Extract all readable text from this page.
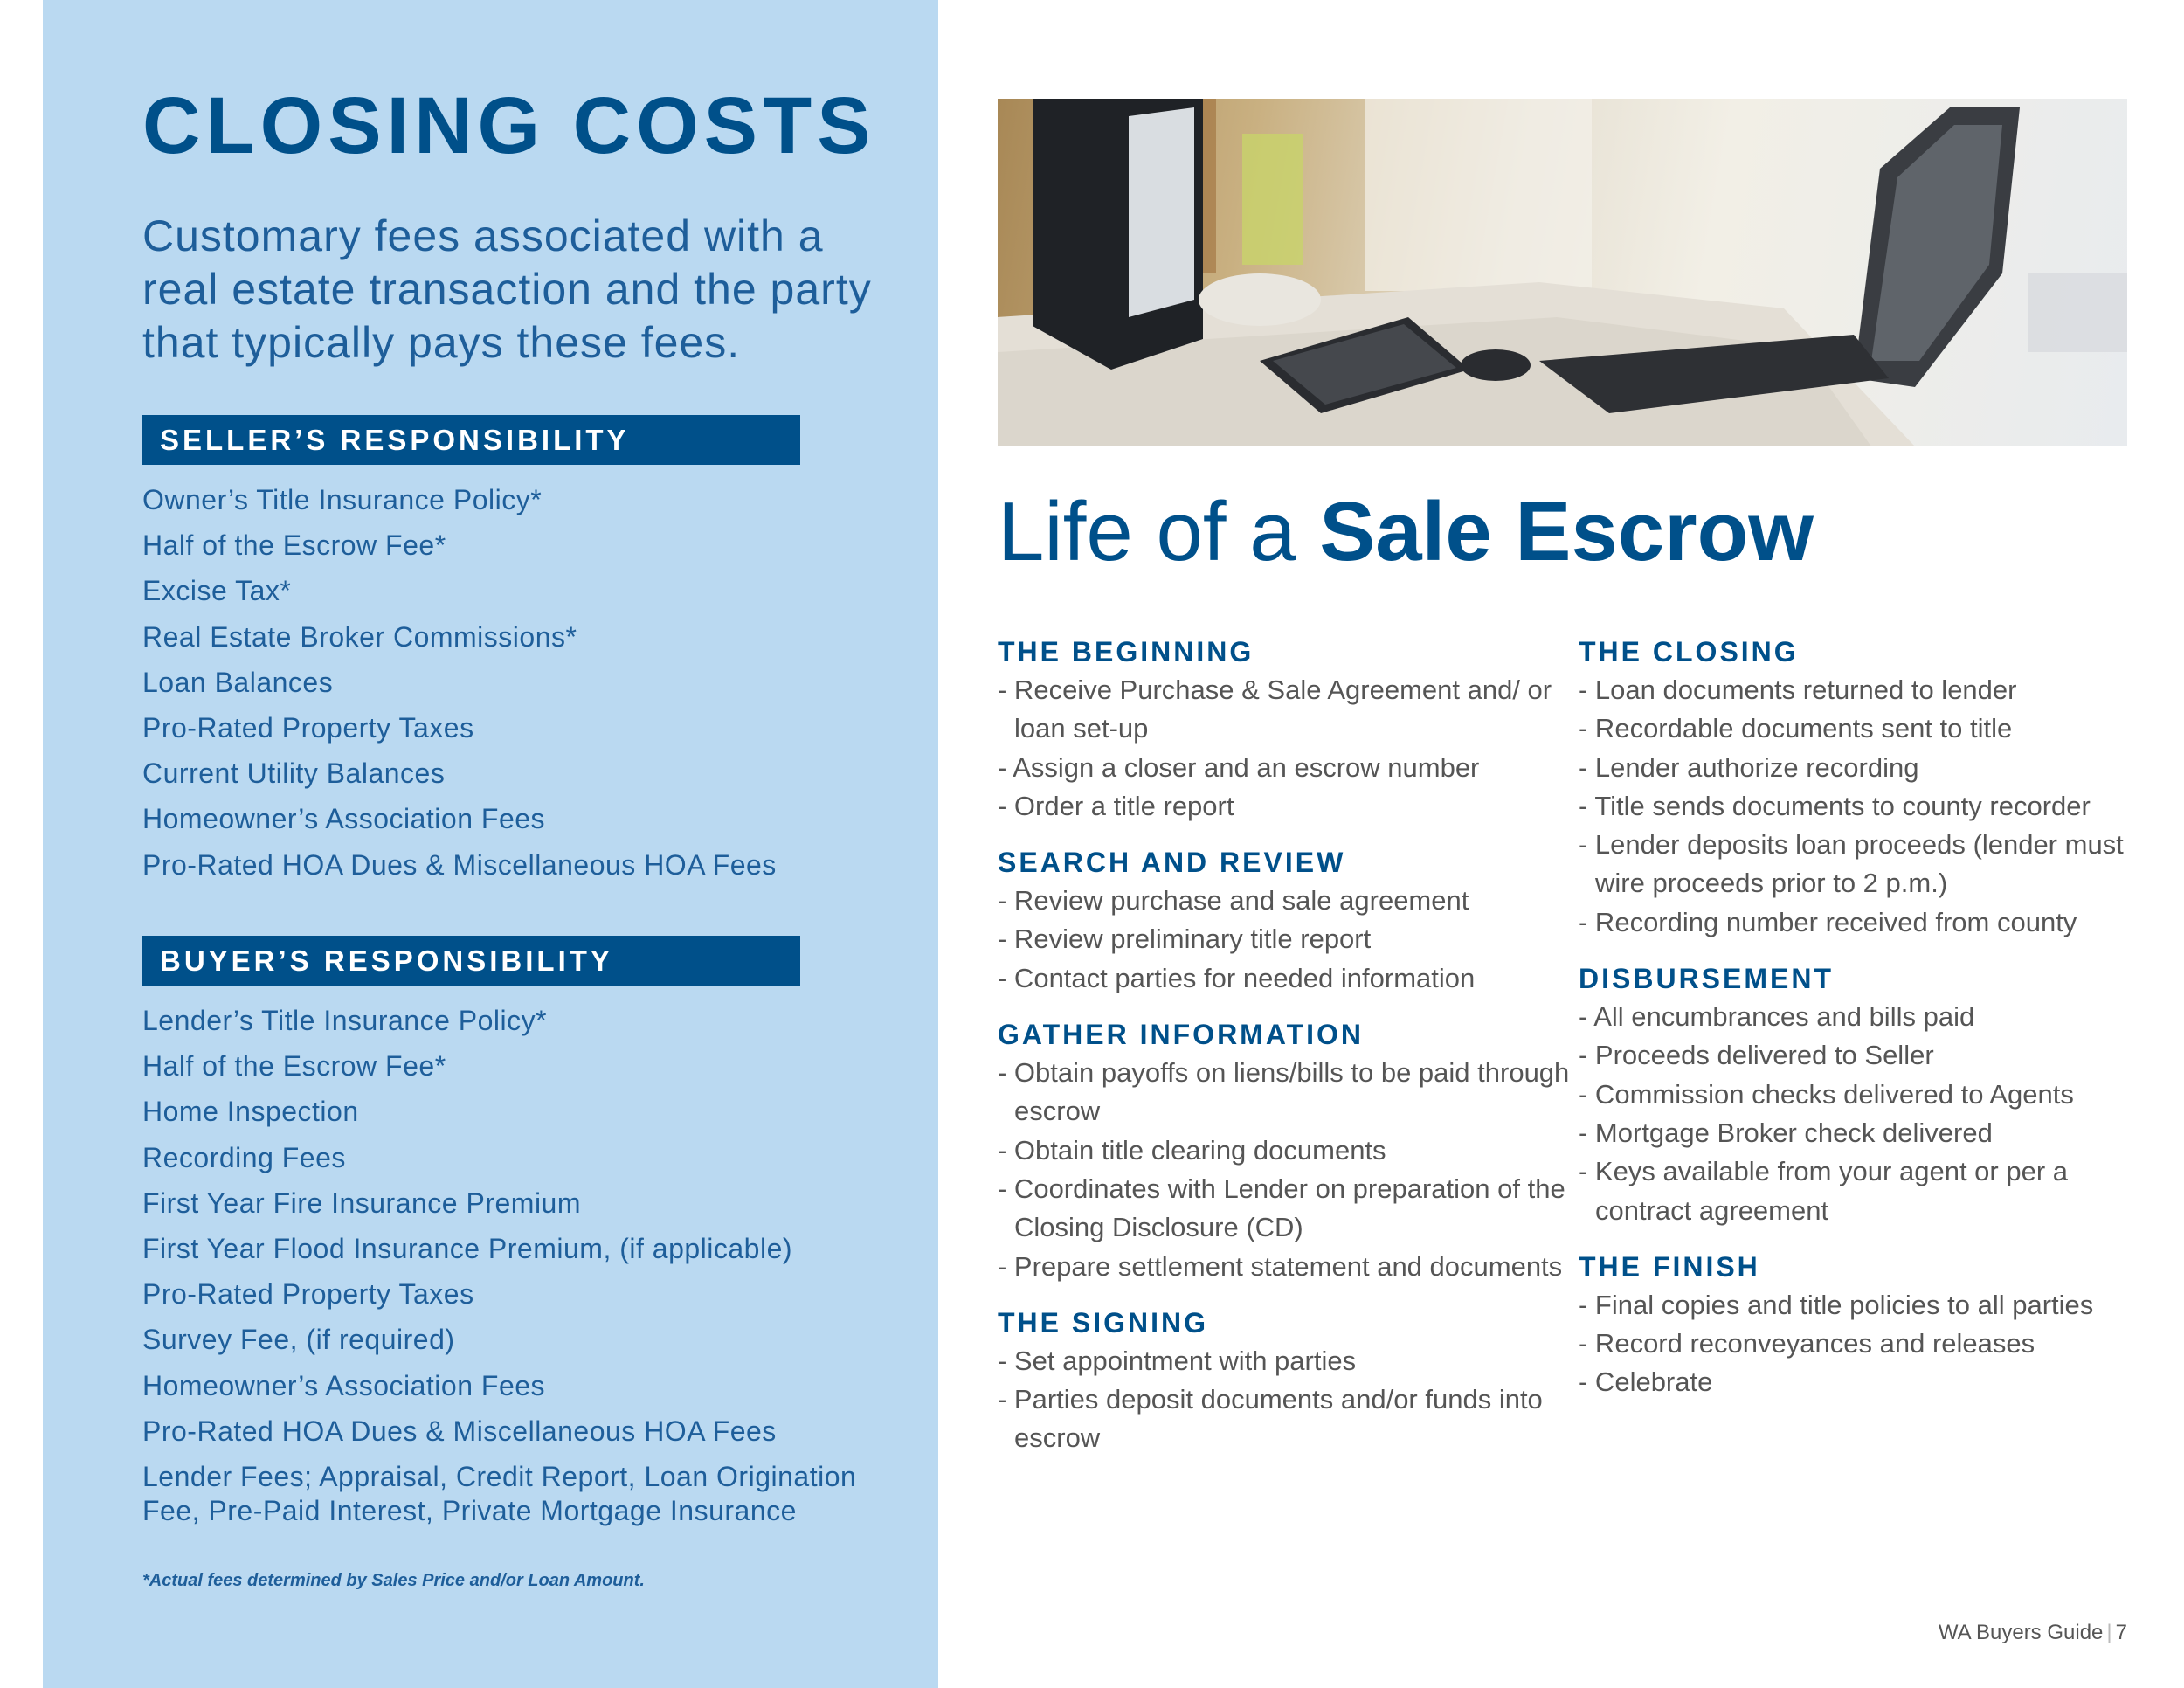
CLOSING COSTS

Customary fees associated with a real estate transaction and the party that typically pays these fees.

SELLER’S RESPONSIBILITY
Owner’s Title Insurance Policy*
Half of the Escrow Fee*
Excise Tax*
Real Estate Broker Commissions*
Loan Balances
Pro-Rated Property Taxes
Current Utility Balances
Homeowner’s Association Fees
Pro-Rated HOA Dues & Miscellaneous HOA Fees
BUYER’S RESPONSIBILITY
Lender’s Title Insurance Policy*
Half of the Escrow Fee*
Home Inspection
Recording Fees
First Year Fire Insurance Premium
First Year Flood Insurance Premium, (if applicable)
Pro-Rated Property Taxes
Survey Fee, (if required)
Homeowner’s Association Fees
Pro-Rated HOA Dues & Miscellaneous HOA Fees
Lender Fees; Appraisal, Credit Report, Loan Origination Fee, Pre-Paid Interest, Private Mortgage Insurance

*Actual fees determined by Sales Price and/or Loan Amount.

Life of a Sale Escrow
THE BEGINNING
- Receive Purchase & Sale Agreement and/ or loan set-up
- Assign a closer and an escrow number
- Order a title report
SEARCH AND REVIEW
- Review purchase and sale agreement
- Review preliminary title report
- Contact parties for needed information
GATHER INFORMATION
- Obtain payoffs on liens/bills to be paid through escrow
- Obtain title clearing documents
- Coordinates with Lender on preparation of the Closing Disclosure (CD)
- Prepare settlement statement and documents
THE SIGNING
- Set appointment with parties
- Parties deposit documents and/or funds into escrow
THE CLOSING
- Loan documents returned to lender
- Recordable documents sent to title
- Lender authorize recording
- Title sends documents to county recorder
- Lender deposits loan proceeds (lender must wire proceeds prior to 2 p.m.)
- Recording number received from county
DISBURSEMENT
- All encumbrances and bills paid
- Proceeds delivered to Seller
- Commission checks delivered to Agents
- Mortgage Broker check delivered
- Keys available from your agent or per a contract agreement
THE FINISH
- Final copies and title policies to all parties
- Record reconveyances and releases
- Celebrate
WA Buyers Guide | 7
